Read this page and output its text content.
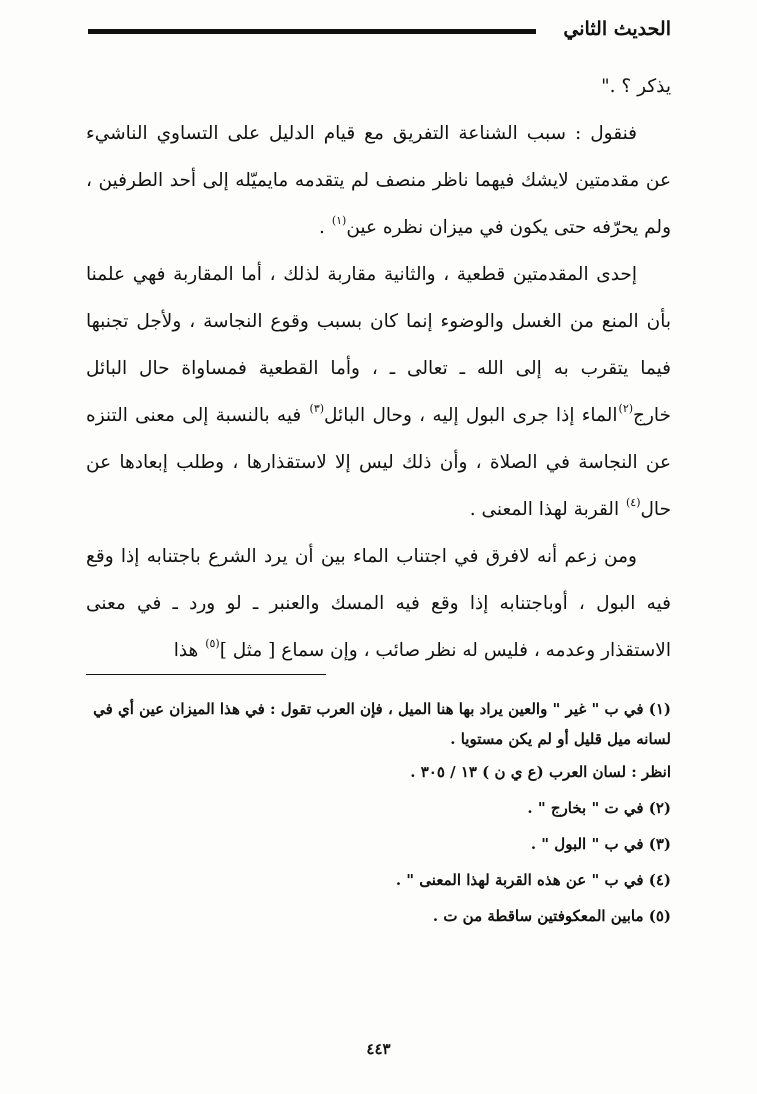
الحديث الثاني

يذكر ؟ ."

فنقول : سبب الشناعة التفريق مع قيام الدليل على التساوي الناشيء عن مقدمتين لايشك فيهما ناظر منصف لم يتقدمه مايميّله إلى أحد الطرفين ، ولم يحرّفه حتى يكون في ميزان نظره عين$^{(١)}$ .

إحدى المقدمتين قطعية ، والثانية مقاربة لذلك ، أما المقاربة فهي علمنا بأن المنع من الغسل والوضوء إنما كان بسبب وقوع النجاسة ، ولأجل تجنبها فيما يتقرب به إلى الله ـ تعالى ـ ، وأما القطعية فمساواة حال البائل خارج$^{(٢)}$الماء إذا جرى البول إليه ، وحال البائل$^{(٣)}$ فيه بالنسبة إلى معنى التنزه عن النجاسة في الصلاة ، وأن ذلك ليس إلا لاستقذارها ، وطلب إبعادها عن حال$^{(٤)}$ القربة لهذا المعنى .

ومن زعم أنه لافرق في اجتناب الماء بين أن يرد الشرع باجتنابه إذا وقع فيه البول ، أوباجتنابه إذا وقع فيه المسك والعنبر ـ لو ورد ـ في معنى الاستقذار وعدمه ، فليس له نظر صائب ، وإن سماع [ مثل ]$^{(٥)}$ هذا

(١) في ب " غير " والعين يراد بها هنا الميل ، فإن العرب تقول : في هذا الميزان عين أي في لسانه ميل قليل أو لم يكن مستويا .

انظر : لسان العرب (ع ي ن ) ١٣ / ٣٠٥ .

(٢) في ت " بخارج " .

(٣) في ب " البول " .

(٤) في ب " عن هذه القربة لهذا المعنى " .

(٥) مابين المعكوفتين ساقطة من ت .

٤٤٣
